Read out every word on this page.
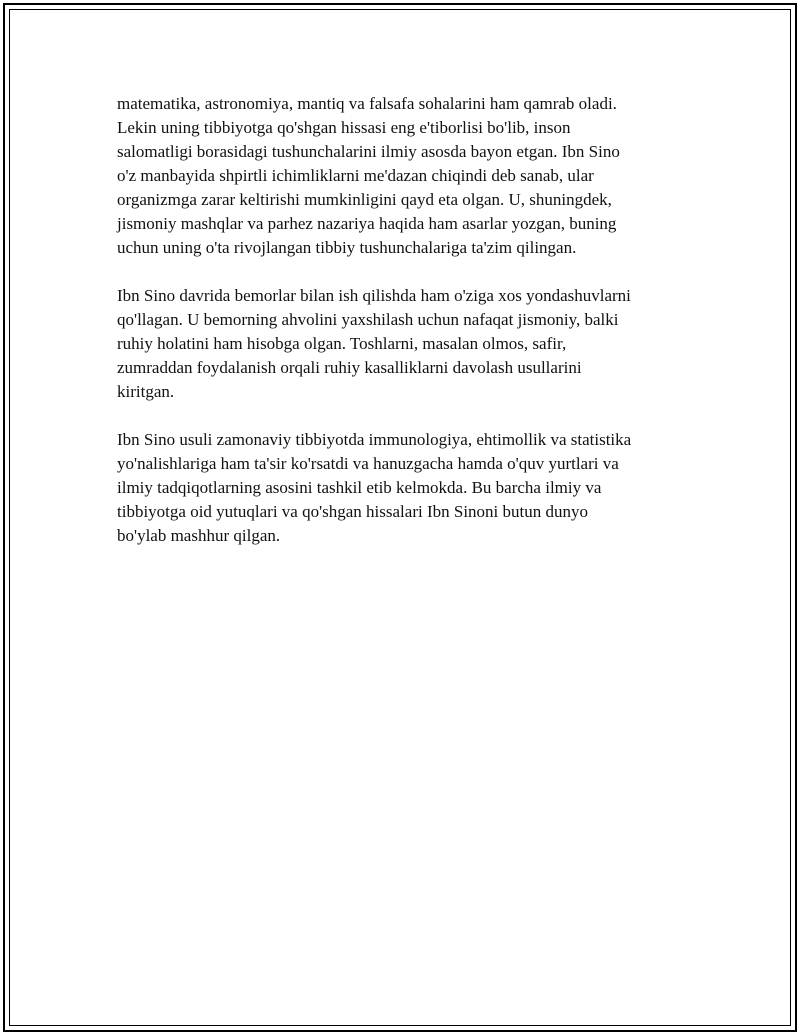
matematika, astronomiya, mantiq va falsafa sohalarini ham qamrab oladi.
Lekin uning tibbiyotga qo'shgan hissasi eng e'tiborlisi bo'lib, inson
salomatligi borasidagi tushunchalarini ilmiy asosda bayon etgan. Ibn Sino
o'z manbayida shpirtli ichimliklarni me'dazan chiqindi deb sanab, ular
organizmga zarar keltirishi mumkinligini qayd eta olgan. U, shuningdek,
jismoniy mashqlar va parhez nazariya haqida ham asarlar yozgan, buning
uchun uning o'ta rivojlangan tibbiy tushunchalariga ta'zim qilingan.

Ibn Sino davrida bemorlar bilan ish qilishda ham o'ziga xos yondashuvlarni
qo'llagan. U bemorning ahvolini yaxshilash uchun nafaqat jismoniy, balki
ruhiy holatini ham hisobga olgan. Toshlarni, masalan olmos, safir,
zumraddan foydalanish orqali ruhiy kasalliklarni davolash usullarini
kiritgan.

Ibn Sino usuli zamonaviy tibbiyotda immunologiya, ehtimollik va statistika
yo'nalishlariga ham ta'sir ko'rsatdi va hanuzgacha hamda o'quv yurtlari va
ilmiy tadqiqotlarning asosini tashkil etib kelmokda. Bu barcha ilmiy va
tibbiyotga oid yutuqlari va qo'shgan hissalari Ibn Sinoni butun dunyo
bo'ylab mashhur qilgan.
